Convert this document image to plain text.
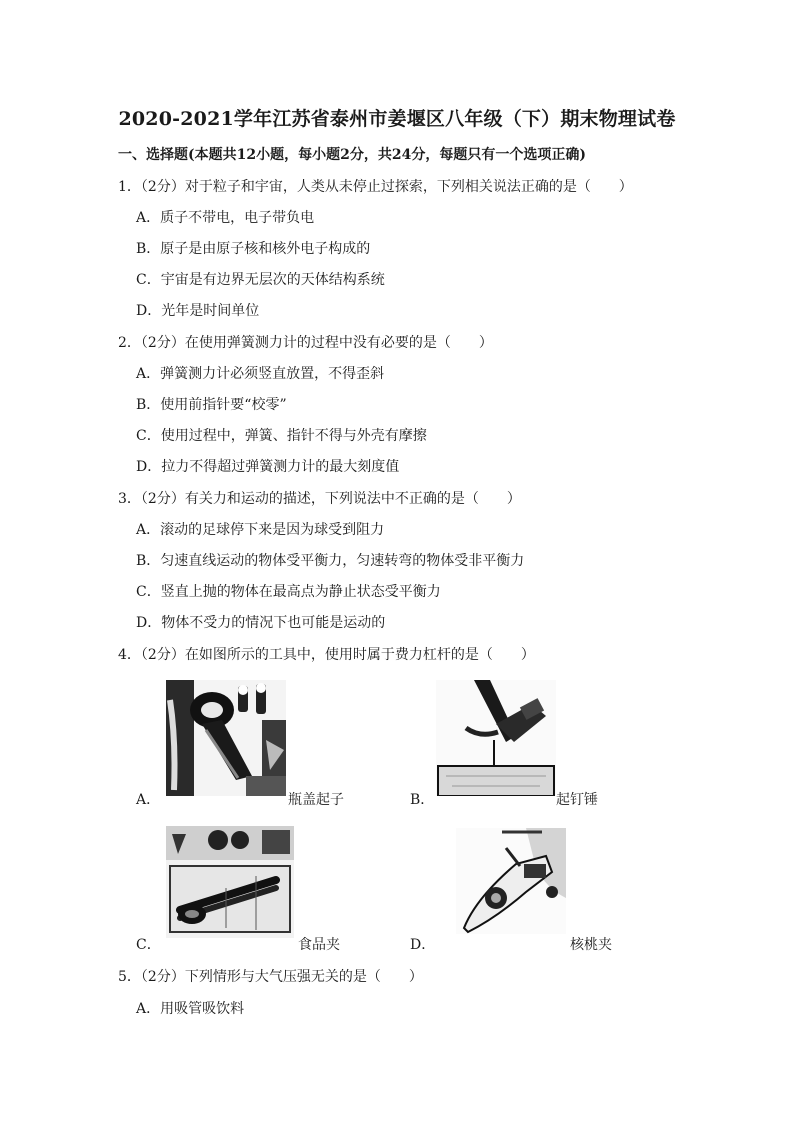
2020-2021学年江苏省泰州市姜堰区八年级（下）期末物理试卷
一、选择题(本题共12小题，每小题2分，共24分，每题只有一个选项正确)
1．（2分）对于粒子和宇宙，人类从未停止过探索，下列相关说法正确的是（　　）
A．质子不带电，电子带负电
B．原子是由原子核和核外电子构成的
C．宇宙是有边界无层次的天体结构系统
D．光年是时间单位
2．（2分）在使用弹簧测力计的过程中没有必要的是（　　）
A．弹簧测力计必须竖直放置，不得歪斜
B．使用前指针要“校零”
C．使用过程中，弹簧、指针不得与外壳有摩擦
D．拉力不得超过弹簧测力计的最大刻度值
3．（2分）有关力和运动的描述，下列说法中不正确的是（　　）
A．滚动的足球停下来是因为球受到阻力
B．匀速直线运动的物体受平衡力，匀速转弯的物体受非平衡力
C．竖直上抛的物体在最高点为静止状态受平衡力
D．物体不受力的情况下也可能是运动的
4．（2分）在如图所示的工具中，使用时属于费力杠杆的是（　　）
A．	瓶盖起子	B．	起钉锤
C．	食品夹	D．	核桃夹
5．（2分）下列情形与大气压强无关的是（　　）
A．用吸管吸饮料
